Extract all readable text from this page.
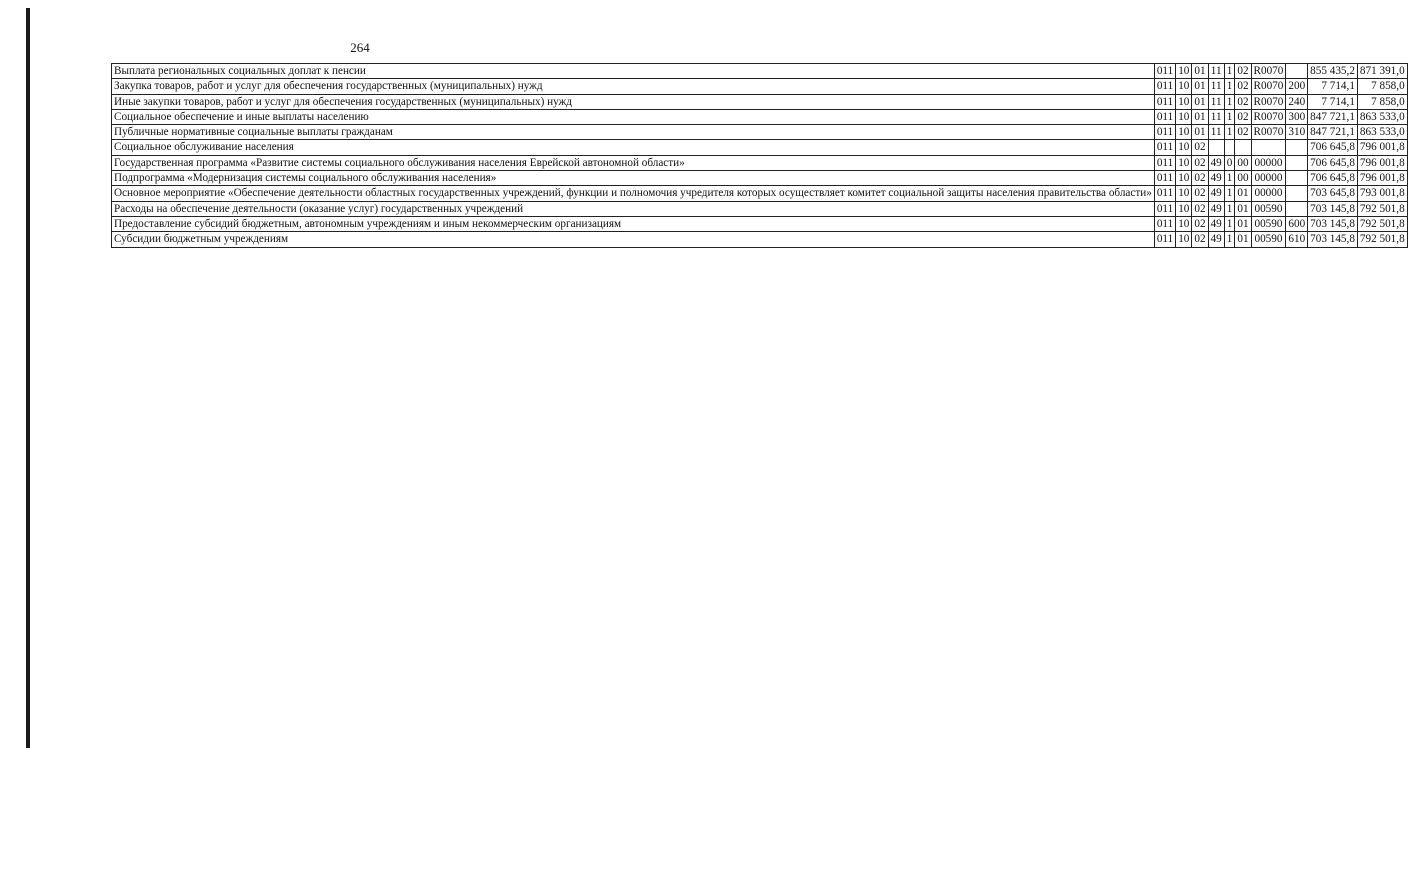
264
Выплата региональных социальных доплат к пенсии	011	10	01	11	1	02	R0070		855 435,2	871 391,0
Закупка товаров, работ и услуг для обеспечения государственных (муниципальных) нужд	011	10	01	11	1	02	R0070	200	7 714,1	7 858,0
Иные закупки товаров, работ и услуг для обеспечения государственных (муниципальных) нужд	011	10	01	11	1	02	R0070	240	7 714,1	7 858,0
Социальное обеспечение и иные выплаты населению	011	10	01	11	1	02	R0070	300	847 721,1	863 533,0
Публичные нормативные социальные выплаты гражданам	011	10	01	11	1	02	R0070	310	847 721,1	863 533,0
Социальное обслуживание населения	011	10	02						706 645,8	796 001,8
Государственная программа «Развитие системы социального обслуживания населения Еврейской автономной области»	011	10	02	49	0	00	00000		706 645,8	796 001,8
Подпрограмма «Модернизация системы социального обслуживания населения»	011	10	02	49	1	00	00000		706 645,8	796 001,8
Основное мероприятие «Обеспечение деятельности областных государственных учреждений, функции и полномочия учредителя которых осуществляет комитет социальной защиты населения правительства области»	011	10	02	49	1	01	00000		703 645,8	793 001,8
Расходы на обеспечение деятельности (оказание услуг) государственных учреждений	011	10	02	49	1	01	00590		703 145,8	792 501,8
Предоставление субсидий бюджетным, автономным учреждениям и иным некоммерческим организациям	011	10	02	49	1	01	00590	600	703 145,8	792 501,8
Субсидии бюджетным учреждениям	011	10	02	49	1	01	00590	610	703 145,8	792 501,8
